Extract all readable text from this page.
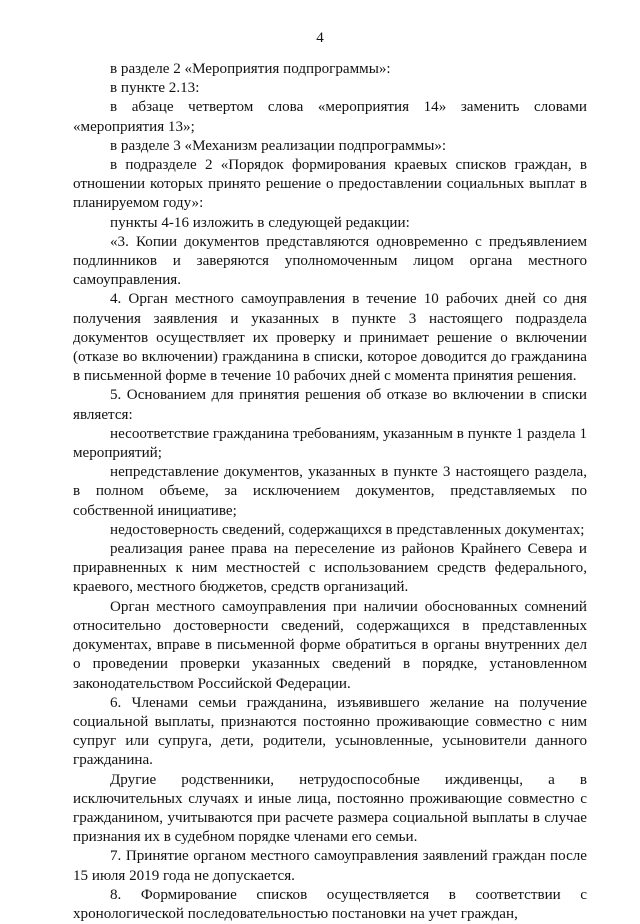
4

в разделе 2 «Мероприятия подпрограммы»:

в пункте 2.13:

в абзаце четвертом слова «мероприятия 14» заменить словами «мероприятия 13»;

в разделе 3 «Механизм реализации подпрограммы»:

в подразделе 2 «Порядок формирования краевых списков граждан, в отношении которых принято решение о предоставлении социальных выплат в планируемом году»:

пункты 4-16 изложить в следующей редакции:

«3. Копии документов представляются одновременно с предъявлением подлинников и заверяются уполномоченным лицом органа местного самоуправления.

4. Орган местного самоуправления в течение 10 рабочих дней со дня получения заявления и указанных в пункте 3 настоящего подраздела документов осуществляет их проверку и принимает решение о включении (отказе во включении) гражданина в списки, которое доводится до гражданина в письменной форме в течение 10 рабочих дней с момента принятия решения.

5. Основанием для принятия решения об отказе во включении в списки является:

несоответствие гражданина требованиям, указанным в пункте 1 раздела 1 мероприятий;

непредставление документов, указанных в пункте 3 настоящего раздела, в полном объеме, за исключением документов, представляемых по собственной инициативе;

недостоверность сведений, содержащихся в представленных документах;

реализация ранее права на переселение из районов Крайнего Севера и приравненных к ним местностей с использованием средств федерального, краевого, местного бюджетов, средств организаций.

Орган местного самоуправления при наличии обоснованных сомнений относительно достоверности сведений, содержащихся в представленных документах, вправе в письменной форме обратиться в органы внутренних дел о проведении проверки указанных сведений в порядке, установленном законодательством Российской Федерации.

6. Членами семьи гражданина, изъявившего желание на получение социальной выплаты, признаются постоянно проживающие совместно с ним супруг или супруга, дети, родители, усыновленные, усыновители данного гражданина.

Другие родственники, нетрудоспособные иждивенцы, а в исключительных случаях и иные лица, постоянно проживающие совместно с гражданином, учитываются при расчете размера социальной выплаты в случае признания их в судебном порядке членами его семьи.

7. Принятие органом местного самоуправления заявлений граждан после 15 июля 2019 года не допускается.

8. Формирование списков осуществляется в соответствии с хронологической последовательностью постановки на учет граждан,
